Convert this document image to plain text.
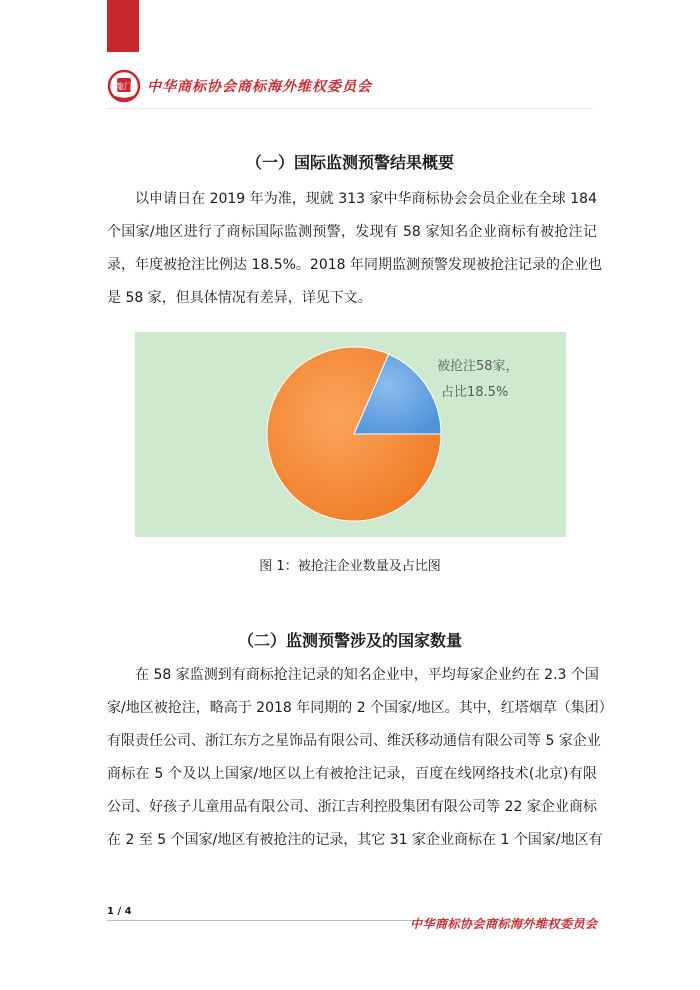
龍门 中华商标协会商标海外维权委员会
（一）国际监测预警结果概要
以申请日在 2019 年为准，现就 313 家中华商标协会会员企业在全球 184
个国家/地区进行了商标国际监测预警，发现有 58 家知名企业商标有被抢注记
录，年度被抢注比例达 18.5%。2018 年同期监测预警发现被抢注记录的企业也
是 58 家，但具体情况有差异，详见下文。
被抢注58家，
占比18.5%
图 1：被抢注企业数量及占比图
（二）监测预警涉及的国家数量
在 58 家监测到有商标抢注记录的知名企业中，平均每家企业约在 2.3 个国
家/地区被抢注，略高于 2018 年同期的 2 个国家/地区。其中，红塔烟草（集团）
有限责任公司、浙江东方之星饰品有限公司、维沃移动通信有限公司等 5 家企业
商标在 5 个及以上国家/地区以上有被抢注记录，百度在线网络技术(北京)有限
公司、好孩子儿童用品有限公司、浙江吉利控股集团有限公司等 22 家企业商标
在 2 至 5 个国家/地区有被抢注的记录，其它 31 家企业商标在 1 个国家/地区有
1 / 4
中华商标协会商标海外维权委员会
